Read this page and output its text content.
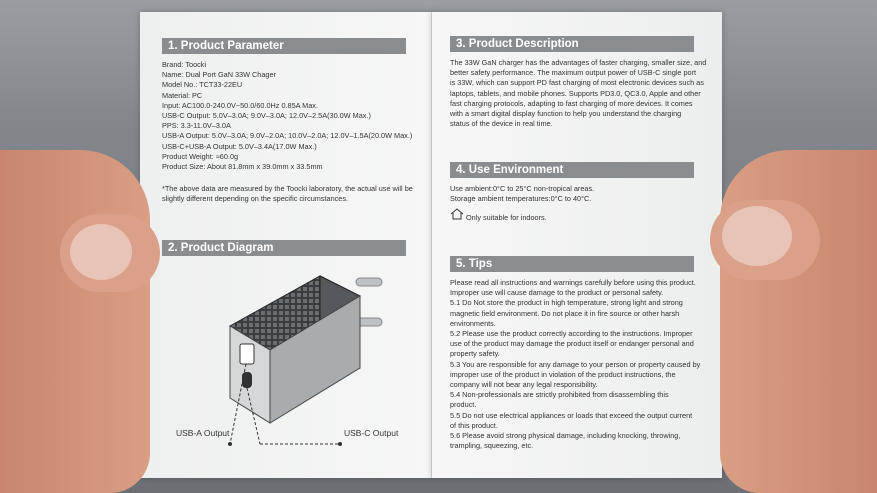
1. Product Parameter
Brand: Toocki
Name: Dual Port GaN 33W Chager
Model No.: TCT33-22EU
Material: PC
Input: AC100.0-240.0V~50.0/60.0Hz 0.85A Max.
USB-C Output: 5.0V–3.0A; 9.0V–3.0A; 12.0V–2.5A(30.0W Max.)
PPS: 3.3-11.0V–3.0A
USB-A Output: 5.0V–3.0A; 9.0V–2.0A; 10.0V–2.0A; 12.0V–1.5A(20.0W Max.)
USB-C+USB-A Output: 5.0V–3.4A(17.0W Max.)
Product Weight: ≈60.0g
Product Size: About 81.8mm x 39.0mm x 33.5mm
*The above data are measured by the Toocki laboratory, the actual use will be
slightly different depending on the specific circumstances.
2. Product Diagram
USB-A Output	USB-C Output
3. Product Description
The 33W GaN charger has the advantages of faster charging, smaller size, and
better safety performance. The maximum output power of USB-C single port
is 33W, which can support PD fast charging of most electronic devices such as
laptops, tablets, and mobile phones. Supports PD3.0, QC3.0, Apple and other
fast charging protocols, adapting to fast charging of more devices. It comes
with a smart digital display function to help you understand the charging
status of the device in real time.
4. Use Environment
Use ambient:0°C to 25°C non-tropical areas.
Storage ambient temperatures:0°C to 40°C.
Only suitable for indoors.
5. Tips
Please read all instructions and warnings carefully before using this product.
Improper use will cause damage to the product or personal safety.
5.1 Do Not store the product in high temperature, strong light and strong
magnetic field environment. Do not place it in fire source or other harsh
environments.
5.2 Please use the product correctly according to the instructions. Improper
use of the product may damage the product itself or endanger personal and
property safety.
5.3 You are responsible for any damage to your person or property caused by
improper use of the product in violation of the product instructions, the
company will not bear any legal responsibility.
5.4 Non-professionals are strictly prohibited from disassembling this
product.
5.5 Do not use electrical appliances or loads that exceed the output current
of this product.
5.6 Please avoid strong physical damage, including knocking, throwing,
trampling, squeezing, etc.
